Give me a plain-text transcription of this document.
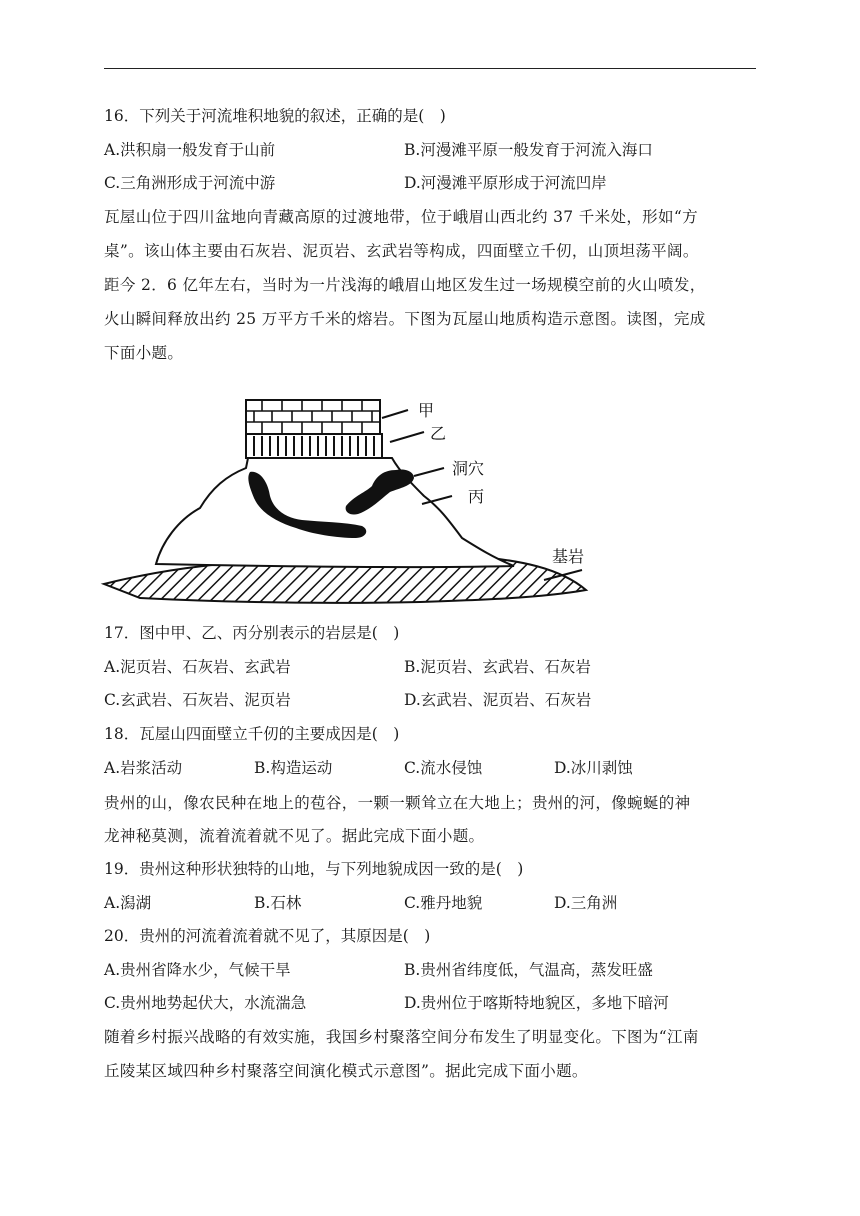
16．下列关于河流堆积地貌的叙述，正确的是(　)
A.洪积扇一般发育于山前	B.河漫滩平原一般发育于河流入海口
C.三角洲形成于河流中游	D.河漫滩平原形成于河流凹岸
瓦屋山位于四川盆地向青藏高原的过渡地带，位于峨眉山西北约 37 千米处，形如“方
桌”。该山体主要由石灰岩、泥页岩、玄武岩等构成，四面壁立千仞，山顶坦荡平阔。
距今 2．6 亿年左右，当时为一片浅海的峨眉山地区发生过一场规模空前的火山喷发，
火山瞬间释放出约 25 万平方千米的熔岩。下图为瓦屋山地质构造示意图。读图，完成
下面小题。
甲
乙
洞穴
丙
基岩
17．图中甲、乙、丙分别表示的岩层是(　)
A.泥页岩、石灰岩、玄武岩	B.泥页岩、玄武岩、石灰岩
C.玄武岩、石灰岩、泥页岩	D.玄武岩、泥页岩、石灰岩
18．瓦屋山四面壁立千仞的主要成因是(　)
A.岩浆活动	B.构造运动	C.流水侵蚀	D.冰川剥蚀
贵州的山，像农民种在地上的苞谷，一颗一颗耸立在大地上；贵州的河，像蜿蜒的神
龙神秘莫测，流着流着就不见了。据此完成下面小题。
19．贵州这种形状独特的山地，与下列地貌成因一致的是(　)
A.潟湖	B.石林	C.雅丹地貌	D.三角洲
20．贵州的河流着流着就不见了，其原因是(　)
A.贵州省降水少，气候干旱	B.贵州省纬度低，气温高，蒸发旺盛
C.贵州地势起伏大，水流湍急	D.贵州位于喀斯特地貌区，多地下暗河
随着乡村振兴战略的有效实施，我国乡村聚落空间分布发生了明显变化。下图为“江南
丘陵某区域四种乡村聚落空间演化模式示意图”。据此完成下面小题。
